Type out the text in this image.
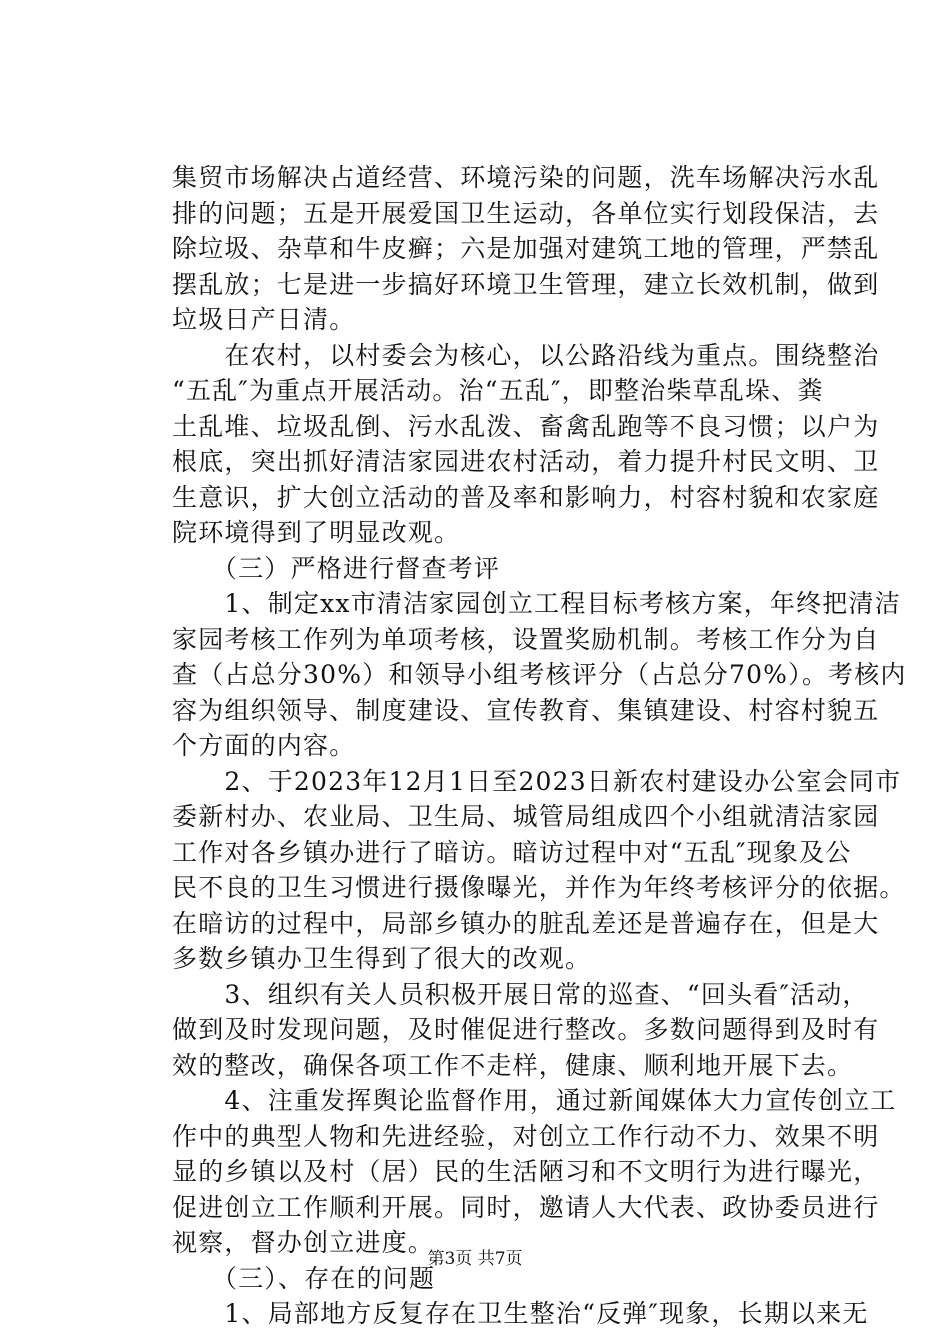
集贸市场解决占道经营、环境污染的问题，洗车场解决污水乱
排的问题；五是开展爱国卫生运动，各单位实行划段保洁，去
除垃圾、杂草和牛皮癣；六是加强对建筑工地的管理，严禁乱
摆乱放；七是进一步搞好环境卫生管理，建立长效机制，做到
垃圾日产日清。
　　在农村，以村委会为核心，以公路沿线为重点。围绕整治
“五乱″为重点开展活动。治“五乱″，即整治柴草乱垛、粪
土乱堆、垃圾乱倒、污水乱泼、畜禽乱跑等不良习惯；以户为
根底，突出抓好清洁家园进农村活动，着力提升村民文明、卫
生意识，扩大创立活动的普及率和影响力，村容村貌和农家庭
院环境得到了明显改观。
　　（三）严格进行督查考评
　　1、制定xx市清洁家园创立工程目标考核方案，年终把清洁
家园考核工作列为单项考核，设置奖励机制。考核工作分为自
查（占总分30%）和领导小组考核评分（占总分70%）。考核内
容为组织领导、制度建设、宣传教育、集镇建设、村容村貌五
个方面的内容。
　　2、于2023年12月1日至2023日新农村建设办公室会同市
委新村办、农业局、卫生局、城管局组成四个小组就清洁家园
工作对各乡镇办进行了暗访。暗访过程中对“五乱″现象及公
民不良的卫生习惯进行摄像曝光，并作为年终考核评分的依据。
在暗访的过程中，局部乡镇办的脏乱差还是普遍存在，但是大
多数乡镇办卫生得到了很大的改观。
　　3、组织有关人员积极开展日常的巡查、“回头看″活动，
做到及时发现问题，及时催促进行整改。多数问题得到及时有
效的整改，确保各项工作不走样，健康、顺利地开展下去。
　　4、注重发挥舆论监督作用，通过新闻媒体大力宣传创立工
作中的典型人物和先进经验，对创立工作行动不力、效果不明
显的乡镇以及村（居）民的生活陋习和不文明行为进行曝光，
促进创立工作顺利开展。同时，邀请人大代表、政协委员进行
视察，督办创立进度。
　　（三）、存在的问题
　　1、局部地方反复存在卫生整治“反弹″现象，长期以来无
第3页 共7页
